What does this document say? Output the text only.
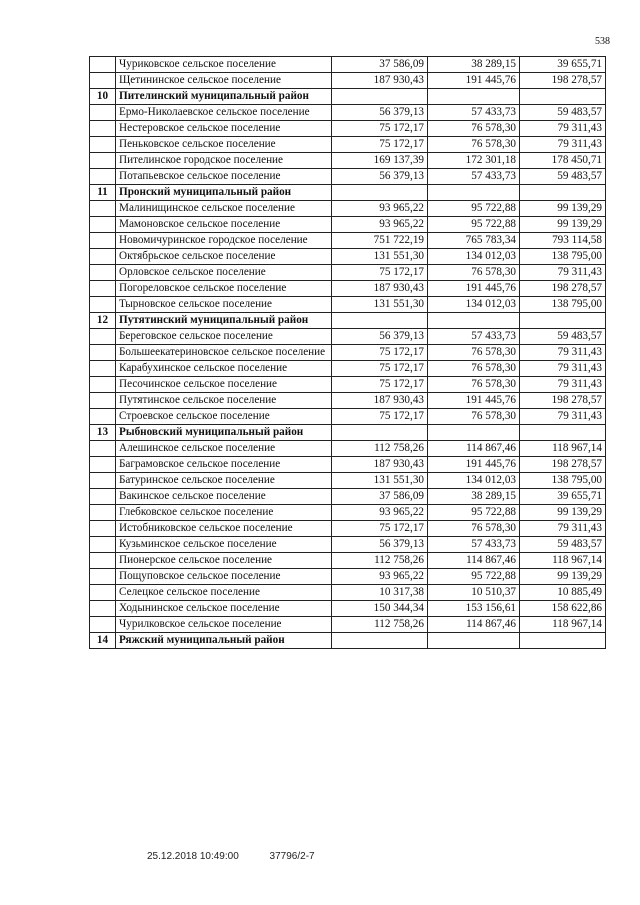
538
	Чуриковское сельское поселение	37 586,09	38 289,15	39 655,71
	Щетининское сельское поселение	187 930,43	191 445,76	198 278,57
10	Пителинский муниципальный район			
	Ермо-Николаевское сельское поселение	56 379,13	57 433,73	59 483,57
	Нестеровское сельское поселение	75 172,17	76 578,30	79 311,43
	Пеньковское сельское поселение	75 172,17	76 578,30	79 311,43
	Пителинское городское поселение	169 137,39	172 301,18	178 450,71
	Потапьевское сельское поселение	56 379,13	57 433,73	59 483,57
11	Пронский муниципальный район			
	Малинищинское сельское поселение	93 965,22	95 722,88	99 139,29
	Мамоновское сельское поселение	93 965,22	95 722,88	99 139,29
	Новомичуринское городское поселение	751 722,19	765 783,34	793 114,58
	Октябрьское сельское поселение	131 551,30	134 012,03	138 795,00
	Орловское сельское поселение	75 172,17	76 578,30	79 311,43
	Погореловское сельское поселение	187 930,43	191 445,76	198 278,57
	Тырновское сельское поселение	131 551,30	134 012,03	138 795,00
12	Путятинский муниципальный район			
	Береговское сельское поселение	56 379,13	57 433,73	59 483,57
	Большеекатериновское сельское поселение	75 172,17	76 578,30	79 311,43
	Карабухинское сельское поселение	75 172,17	76 578,30	79 311,43
	Песочинское сельское поселение	75 172,17	76 578,30	79 311,43
	Путятинское сельское поселение	187 930,43	191 445,76	198 278,57
	Строевское сельское поселение	75 172,17	76 578,30	79 311,43
13	Рыбновский муниципальный район			
	Алешинское сельское поселение	112 758,26	114 867,46	118 967,14
	Баграмовское сельское поселение	187 930,43	191 445,76	198 278,57
	Батуринское сельское поселение	131 551,30	134 012,03	138 795,00
	Вакинское сельское поселение	37 586,09	38 289,15	39 655,71
	Глебковское сельское поселение	93 965,22	95 722,88	99 139,29
	Истобниковское сельское поселение	75 172,17	76 578,30	79 311,43
	Кузьминское сельское поселение	56 379,13	57 433,73	59 483,57
	Пионерское сельское поселение	112 758,26	114 867,46	118 967,14
	Пощуповское сельское поселение	93 965,22	95 722,88	99 139,29
	Селецкое сельское поселение	10 317,38	10 510,37	10 885,49
	Ходынинское сельское поселение	150 344,34	153 156,61	158 622,86
	Чурилковское сельское поселение	112 758,26	114 867,46	118 967,14
14	Ряжский муниципальный район			
25.12.2018 10:49:00	37796/2-7
